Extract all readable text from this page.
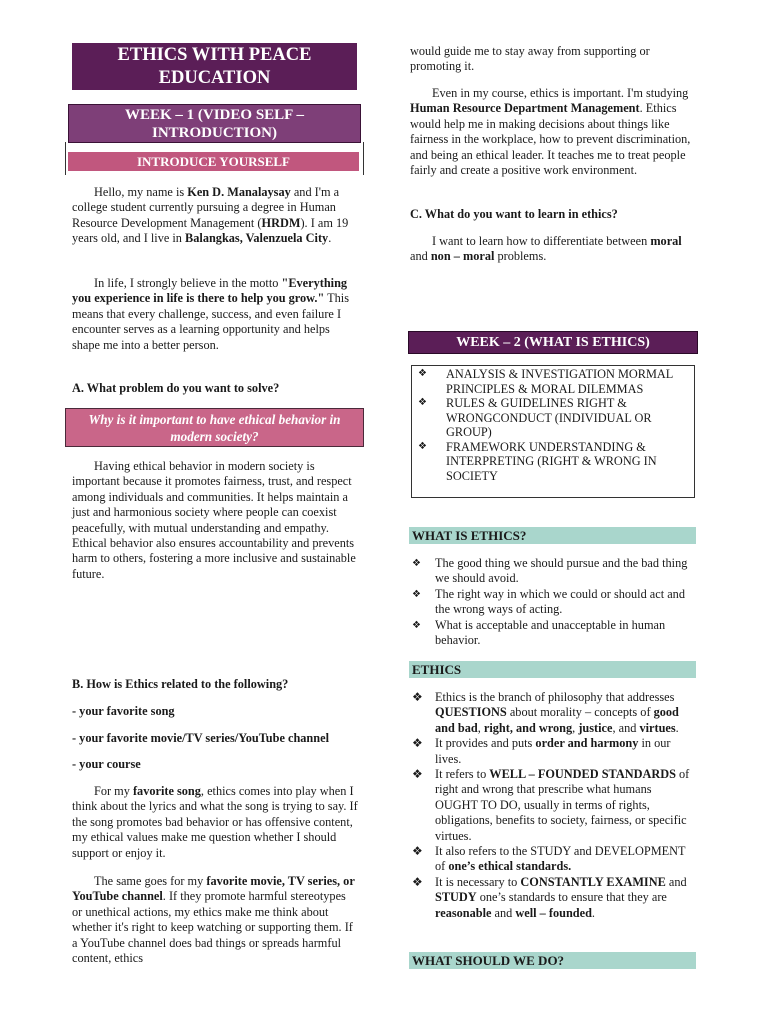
ETHICS WITH PEACE
EDUCATION
WEEK – 1 (VIDEO SELF – INTRODUCTION)
INTRODUCE YOURSELF

Hello, my name is Ken D. Manalaysay and I'm a college student currently pursuing a degree in Human Resource Development Management (HRDM). I am 19 years old, and I live in Balangkas, Valenzuela City.

In life, I strongly believe in the motto "Everything you experience in life is there to help you grow." This means that every challenge, success, and even failure I encounter serves as a learning opportunity and helps shape me into a better person.

A. What problem do you want to solve?
Why is it important to have ethical behavior in modern society?

Having ethical behavior in modern society is important because it promotes fairness, trust, and respect among individuals and communities. It helps maintain a just and harmonious society where people can coexist peacefully, with mutual understanding and empathy. Ethical behavior also ensures accountability and prevents harm to others, fostering a more inclusive and sustainable future.

B. How is Ethics related to the following?
- your favorite song
- your favorite movie/TV series/YouTube channel
- your course

For my favorite song, ethics comes into play when I think about the lyrics and what the song is trying to say. If the song promotes bad behavior or has offensive content, my ethical values make me question whether I should support or enjoy it.

The same goes for my favorite movie, TV series, or YouTube channel. If they promote harmful stereotypes or unethical actions, my ethics make me think about whether it's right to keep watching or supporting them. If a YouTube channel does bad things or spreads harmful content, ethics

would guide me to stay away from supporting or promoting it.

Even in my course, ethics is important. I'm studying Human Resource Department Management. Ethics would help me in making decisions about things like fairness in the workplace, how to prevent discrimination, and being an ethical leader. It teaches me to treat people fairly and create a positive work environment.

C. What do you want to learn in ethics?

I want to learn how to differentiate between moral and non – moral problems.

WEEK – 2 (WHAT IS ETHICS)
❖	ANALYSIS & INVESTIGATION MORMAL PRINCIPLES & MORAL DILEMMAS
❖	RULES & GUIDELINES RIGHT & WRONGCONDUCT (INDIVIDUAL OR GROUP)
❖	FRAMEWORK UNDERSTANDING & INTERPRETING (RIGHT & WRONG IN SOCIETY
WHAT IS ETHICS?
❖	The good thing we should pursue and the bad thing we should avoid.
❖	The right way in which we could or should act and the wrong ways of acting.
❖	What is acceptable and unacceptable in human behavior.
ETHICS
❖ Ethics is the branch of philosophy that addresses QUESTIONS about morality – concepts of good and bad, right, and wrong, justice, and virtues.
❖ It provides and puts order and harmony in our lives.
❖ It refers to WELL – FOUNDED STANDARDS of right and wrong that prescribe what humans OUGHT TO DO, usually in terms of rights, obligations, benefits to society, fairness, or specific virtues.
❖ It also refers to the STUDY and DEVELOPMENT of one’s ethical standards.
❖ It is necessary to CONSTANTLY EXAMINE and STUDY one’s standards to ensure that they are reasonable and well – founded.
WHAT SHOULD WE DO?
